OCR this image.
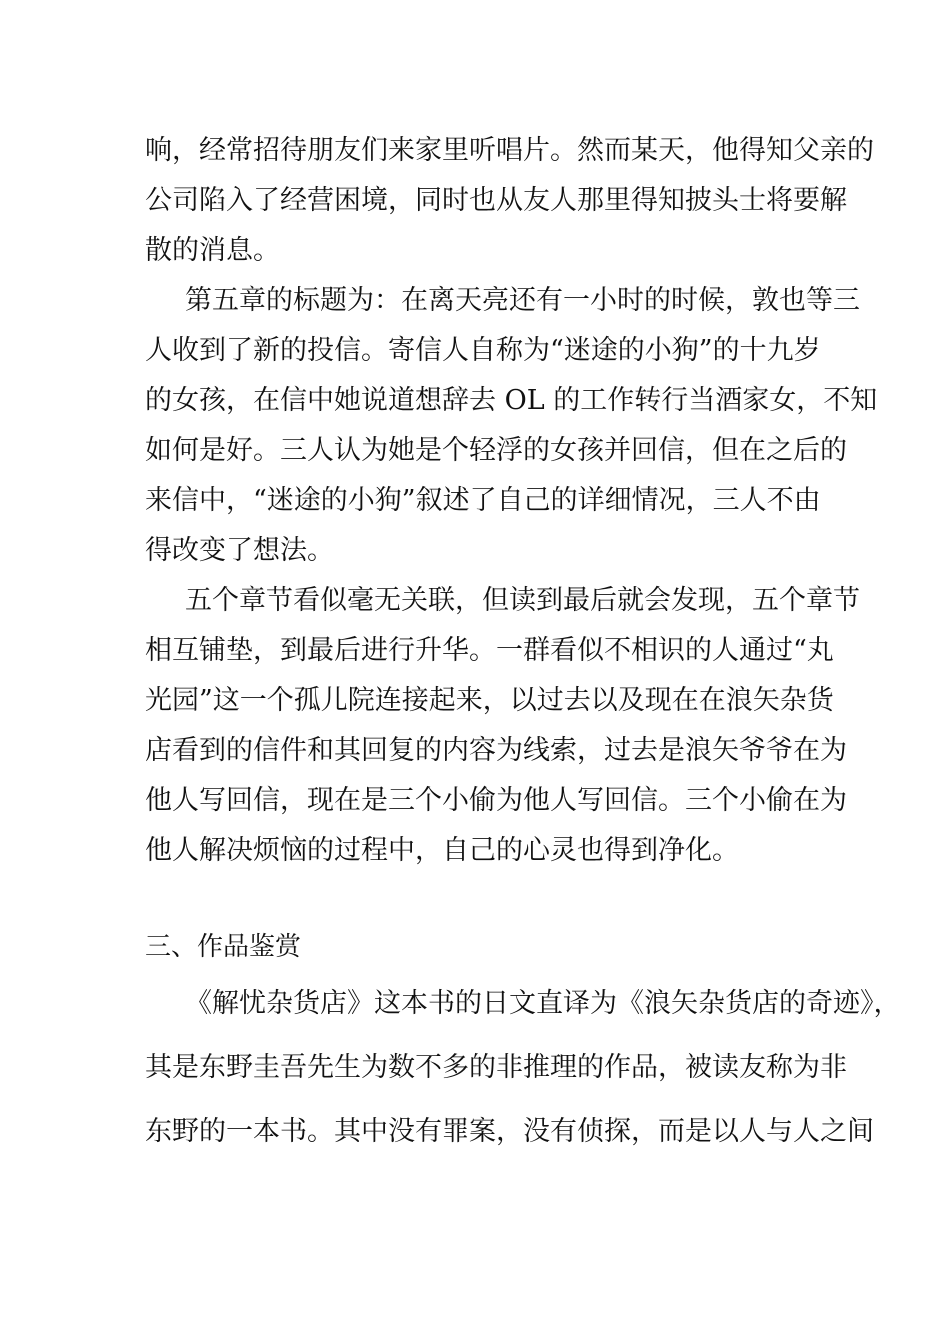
响，经常招待朋友们来家里听唱片。然而某天，他得知父亲的
公司陷入了经营困境，同时也从友人那里得知披头士将要解
散的消息。
第五章的标题为：在离天亮还有一小时的时候，敦也等三
人收到了新的投信。寄信人自称为“迷途的小狗”的十九岁
的女孩，在信中她说道想辞去 OL 的工作转行当酒家女，不知
如何是好。三人认为她是个轻浮的女孩并回信，但在之后的
来信中，“迷途的小狗”叙述了自己的详细情况，三人不由
得改变了想法。
五个章节看似毫无关联，但读到最后就会发现，五个章节
相互铺垫，到最后进行升华。一群看似不相识的人通过“丸
光园”这一个孤儿院连接起来，以过去以及现在在浪矢杂货
店看到的信件和其回复的内容为线索，过去是浪矢爷爷在为
他人写回信，现在是三个小偷为他人写回信。三个小偷在为
他人解决烦恼的过程中，自己的心灵也得到净化。
三、作品鉴赏
《解忧杂货店》这本书的日文直译为《浪矢杂货店的奇迹》，
其是东野圭吾先生为数不多的非推理的作品，被读友称为非
东野的一本书。其中没有罪案，没有侦探，而是以人与人之间
